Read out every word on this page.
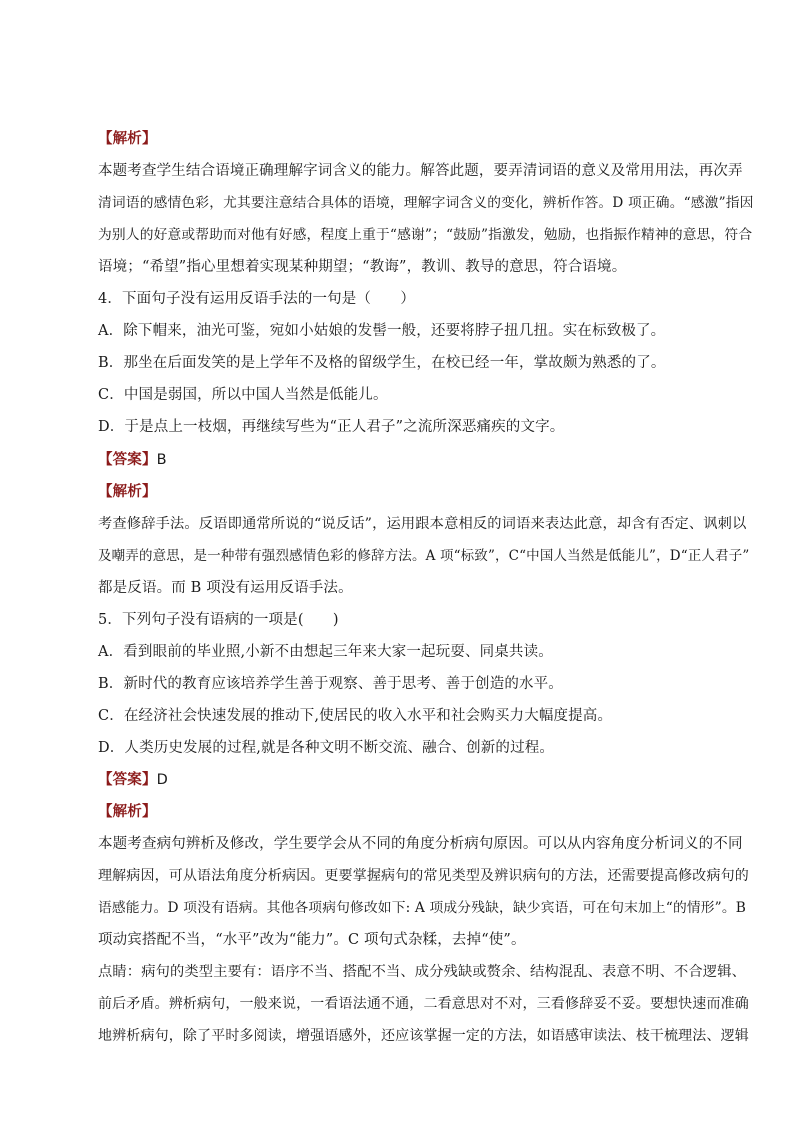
【解析】
本题考查学生结合语境正确理解字词含义的能力。解答此题，要弄清词语的意义及常用用法，再次弄
清词语的感情色彩，尤其要注意结合具体的语境，理解字词含义的变化，辨析作答。D 项正确。“感激”指因
为别人的好意或帮助而对他有好感，程度上重于“感谢”；“鼓励”指激发，勉励，也指振作精神的意思，符合
语境；“希望”指心里想着实现某种期望；“教诲”，教训、教导的意思，符合语境。
4．下面句子没有运用反语手法的一句是（　　）
A．除下帽来，油光可鉴，宛如小姑娘的发髻一般，还要将脖子扭几扭。实在标致极了。
B．那坐在后面发笑的是上学年不及格的留级学生，在校已经一年，掌故颇为熟悉的了。
C．中国是弱国，所以中国人当然是低能儿。
D．于是点上一枝烟，再继续写些为“正人君子”之流所深恶痛疾的文字。
【答案】B
【解析】
考查修辞手法。反语即通常所说的“说反话”，运用跟本意相反的词语来表达此意，却含有否定、讽刺以
及嘲弄的意思，是一种带有强烈感情色彩的修辞方法。A 项“标致”，C“中国人当然是低能儿”，D“正人君子”
都是反语。而 B 项没有运用反语手法。
5．下列句子没有语病的一项是(　　)
A．看到眼前的毕业照,小新不由想起三年来大家一起玩耍、同桌共读。
B．新时代的教育应该培养学生善于观察、善于思考、善于创造的水平。
C．在经济社会快速发展的推动下,使居民的收入水平和社会购买力大幅度提高。
D．人类历史发展的过程,就是各种文明不断交流、融合、创新的过程。
【答案】D
【解析】
本题考查病句辨析及修改，学生要学会从不同的角度分析病句原因。可以从内容角度分析词义的不同
理解病因，可从语法角度分析病因。更要掌握病句的常见类型及辨识病句的方法，还需要提高修改病句的
语感能力。D 项没有语病。其他各项病句修改如下: A 项成分残缺，缺少宾语，可在句末加上“的情形”。B
项动宾搭配不当，“水平”改为“能力”。C 项句式杂糅，去掉“使”。
点睛：病句的类型主要有：语序不当、搭配不当、成分残缺或赘余、结构混乱、表意不明、不合逻辑、
前后矛盾。辨析病句，一般来说，一看语法通不通，二看意思对不对，三看修辞妥不妥。要想快速而准确
地辨析病句，除了平时多阅读，增强语感外，还应该掌握一定的方法，如语感审读法、枝干梳理法、逻辑
